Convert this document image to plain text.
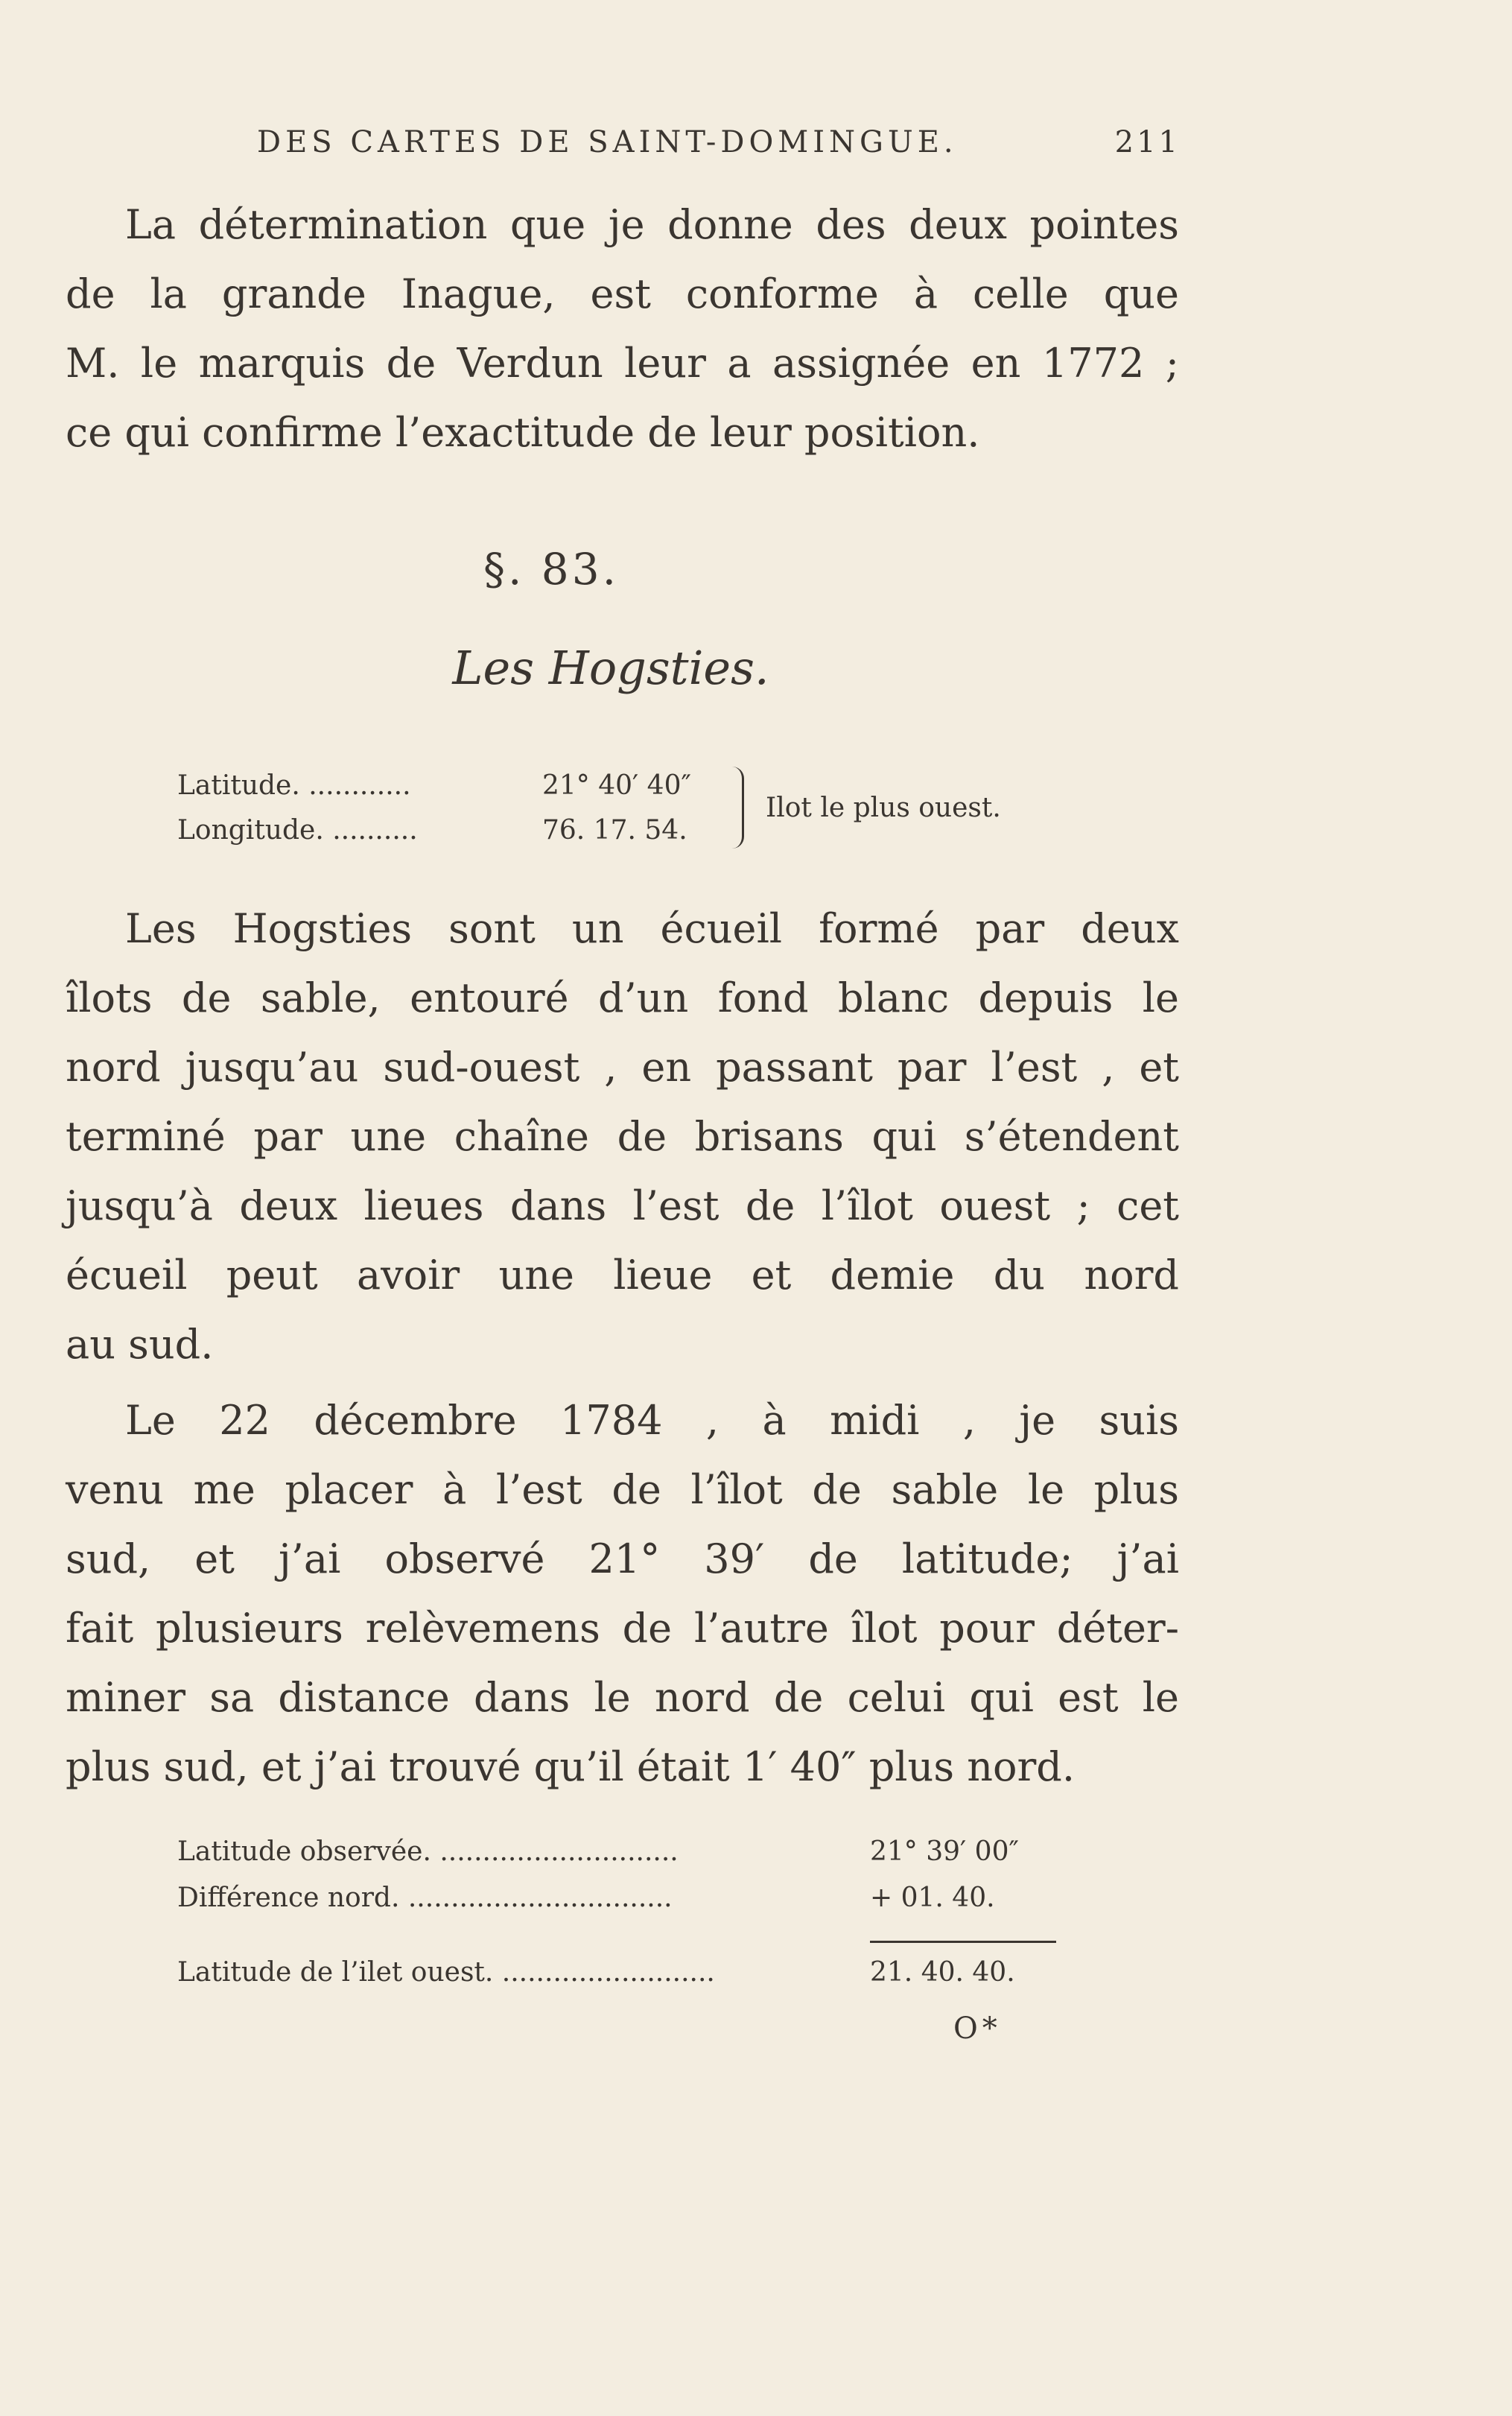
DES CARTES DE SAINT-DOMINGUE.	211

La détermination que je donne des deux pointes
de la grande Inague, est conforme à celle que
M. le marquis de Verdun leur a assignée en 1772 ;
ce qui confirme l’exactitude de leur position.

§. 83.
Les Hogsties.
Latitude. ............	21° 40′ 40″
Longitude. ..........	76. 17. 54.
Ilot le plus ouest.

Les Hogsties sont un écueil formé par deux
îlots de sable, entouré d’un fond blanc depuis le
nord jusqu’au sud-ouest , en passant par l’est , et
terminé par une chaîne de brisans qui s’étendent
jusqu’à deux lieues dans l’est de l’îlot ouest ; cet
écueil peut avoir une lieue et demie du nord
au sud.

Le 22 décembre 1784 , à midi , je suis
venu me placer à l’est de l’îlot de sable le plus
sud, et j’ai observé 21° 39′ de latitude; j’ai
fait plusieurs relèvemens de l’autre îlot pour déter-
miner sa distance dans le nord de celui qui est le
plus sud, et j’ai trouvé qu’il était 1′ 40″ plus nord.

Latitude observée. ............................	21° 39′ 00″
Différence nord. ...............................	+ 01. 40.
Latitude de l’ilet ouest. .........................	21. 40. 40.
O*
